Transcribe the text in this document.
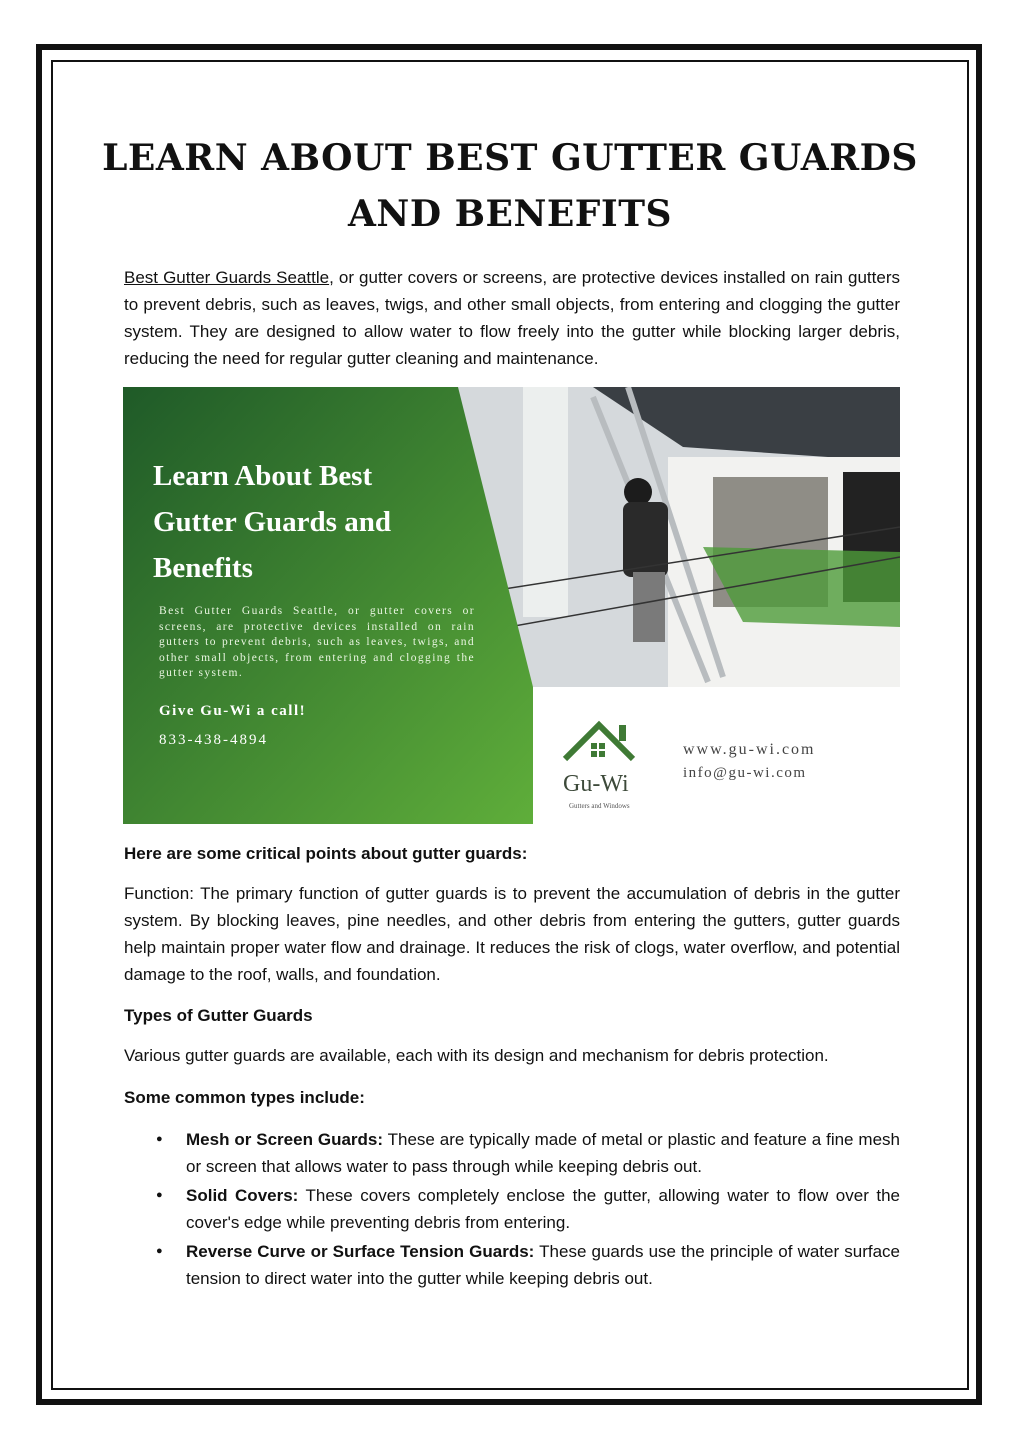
LEARN ABOUT BEST GUTTER GUARDS AND BENEFITS

Best Gutter Guards Seattle, or gutter covers or screens, are protective devices installed on rain gutters to prevent debris, such as leaves, twigs, and other small objects, from entering and clogging the gutter system. They are designed to allow water to flow freely into the gutter while blocking larger debris, reducing the need for regular gutter cleaning and maintenance.

Learn About Best Gutter Guards and Benefits

Best Gutter Guards Seattle, or gutter covers or screens, are protective devices installed on rain gutters to prevent debris, such as leaves, twigs, and other small objects, from entering and clogging the gutter system.

Give Gu-Wi a call!

833-438-4894

Gu-Wi
Gutters and Windows
www.gu-wi.com
info@gu-wi.com
Here are some critical points about gutter guards:

Function: The primary function of gutter guards is to prevent the accumulation of debris in the gutter system. By blocking leaves, pine needles, and other debris from entering the gutters, gutter guards help maintain proper water flow and drainage. It reduces the risk of clogs, water overflow, and potential damage to the roof, walls, and foundation.

Types of Gutter Guards
Various gutter guards are available, each with its design and mechanism for debris protection.
Some common types include:
● Mesh or Screen Guards: These are typically made of metal or plastic and feature a fine mesh or screen that allows water to pass through while keeping debris out.
● Solid Covers: These covers completely enclose the gutter, allowing water to flow over the cover's edge while preventing debris from entering.
● Reverse Curve or Surface Tension Guards: These guards use the principle of water surface tension to direct water into the gutter while keeping debris out.
